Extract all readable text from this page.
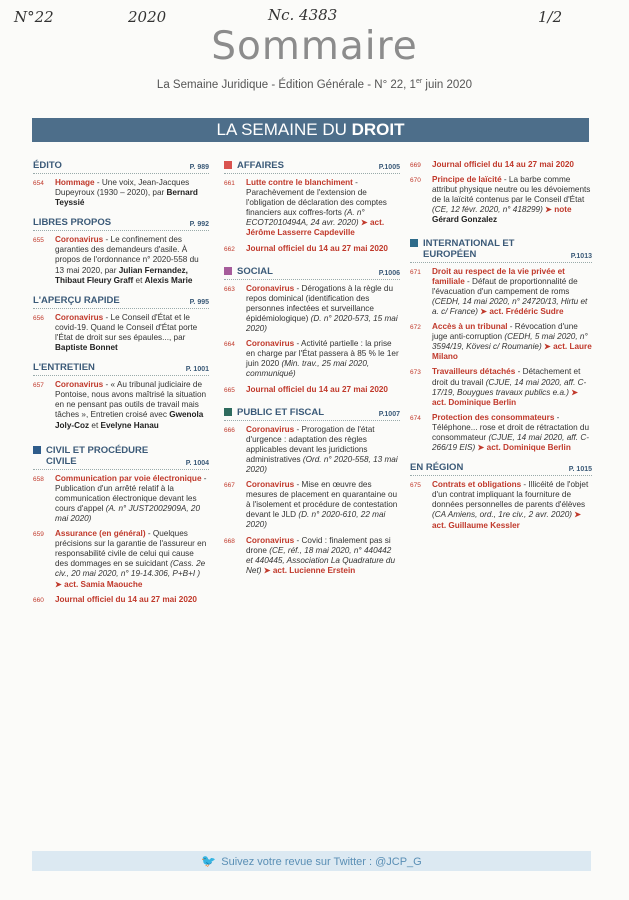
N°22	2020	Nc. 4383	1/2
Sommaire
La Semaine Juridique - Édition Générale - N° 22, 1er juin 2020
LA SEMAINE DU DROIT
ÉDITO	P. 989
654	Hommage - Une voix, Jean-Jacques Dupeyroux (1930 – 2020), par Bernard Teyssié
LIBRES PROPOS	P. 992
655	Coronavirus - Le confinement des garanties des demandeurs d'asile. À propos de l'ordonnance n° 2020-558 du 13 mai 2020, par Julian Fernandez, Thibaut Fleury Graff et Alexis Marie
L'APERÇU RAPIDE	P. 995
656	Coronavirus - Le Conseil d'État et le covid-19. Quand le Conseil d'État porte l'État de droit sur ses épaules..., par Baptiste Bonnet
L'ENTRETIEN	P. 1001
657	Coronavirus - « Au tribunal judiciaire de Pontoise, nous avons maîtrisé la situation en ne pensant pas outils de travail mais tâches », Entretien croisé avec Gwenola Joly-Coz et Evelyne Hanau
CIVIL ET PROCÉDURE CIVILE	P. 1004
658	Communication par voie électronique - Publication d'un arrêté relatif à la communication électronique devant les cours d'appel (A. n° JUST2002909A, 20 mai 2020)
659	Assurance (en général) - Quelques précisions sur la garantie de l'assureur en responsabilité civile de celui qui cause des dommages en se suicidant (Cass. 2e civ., 20 mai 2020, n° 19-14.306, P+B+I ) ➤ act. Samia Maouche
660	Journal officiel du 14 au 27 mai 2020
AFFAIRES	P.1005
661	Lutte contre le blanchiment - Parachèvement de l'extension de l'obligation de déclaration des comptes financiers aux coffres-forts (A. n° ECOT2010494A, 24 avr. 2020) ➤ act. Jérôme Lasserre Capdeville
662	Journal officiel du 14 au 27 mai 2020
SOCIAL	P.1006
663	Coronavirus - Dérogations à la règle du repos dominical (identification des personnes infectées et surveillance épidémiologique) (D. n° 2020-573, 15 mai 2020)
664	Coronavirus - Activité partielle : la prise en charge par l'État passera à 85 % le 1er juin 2020 (Min. trav., 25 mai 2020, communiqué)
665	Journal officiel du 14 au 27 mai 2020
PUBLIC ET FISCAL	P.1007
666	Coronavirus - Prorogation de l'état d'urgence : adaptation des règles applicables devant les juridictions administratives (Ord. n° 2020-558, 13 mai 2020)
667	Coronavirus - Mise en œuvre des mesures de placement en quarantaine ou à l'isolement et procédure de contestation devant le JLD (D. n° 2020-610, 22 mai 2020)
668	Coronavirus - Covid : finalement pas si drone (CE, réf., 18 mai 2020, n° 440442 et 440445, Association La Quadrature du Net) ➤ act. Lucienne Erstein
669	Journal officiel du 14 au 27 mai 2020
670	Principe de laïcité - La barbe comme attribut physique neutre ou les dévoiements de la laïcité contenus par le Conseil d'État (CE, 12 févr. 2020, n° 418299) ➤ note Gérard Gonzalez
INTERNATIONAL ET EUROPÉEN	P.1013
671	Droit au respect de la vie privée et familiale - Défaut de proportionnalité de l'évacuation d'un campement de roms (CEDH, 14 mai 2020, n° 24720/13, Hirtu et a. c/ France) ➤ act. Frédéric Sudre
672	Accès à un tribunal - Révocation d'une juge anti-corruption (CEDH, 5 mai 2020, n° 3594/19, Kövesi c/ Roumanie) ➤ act. Laure Milano
673	Travailleurs détachés - Détachement et droit du travail (CJUE, 14 mai 2020, aff. C-17/19, Bouygues travaux publics e.a.) ➤ act. Dominique Berlin
674	Protection des consommateurs - Téléphone... rose et droit de rétractation du consommateur (CJUE, 14 mai 2020, aff. C-266/19 EIS) ➤ act. Dominique Berlin
EN RÉGION	P. 1015
675	Contrats et obligations - Illicéité de l'objet d'un contrat impliquant la fourniture de données personnelles de parents d'élèves (CA Amiens, ord., 1re civ., 2 avr. 2020) ➤ act. Guillaume Kessler
🐦 Suivez votre revue sur Twitter : @JCP_G
